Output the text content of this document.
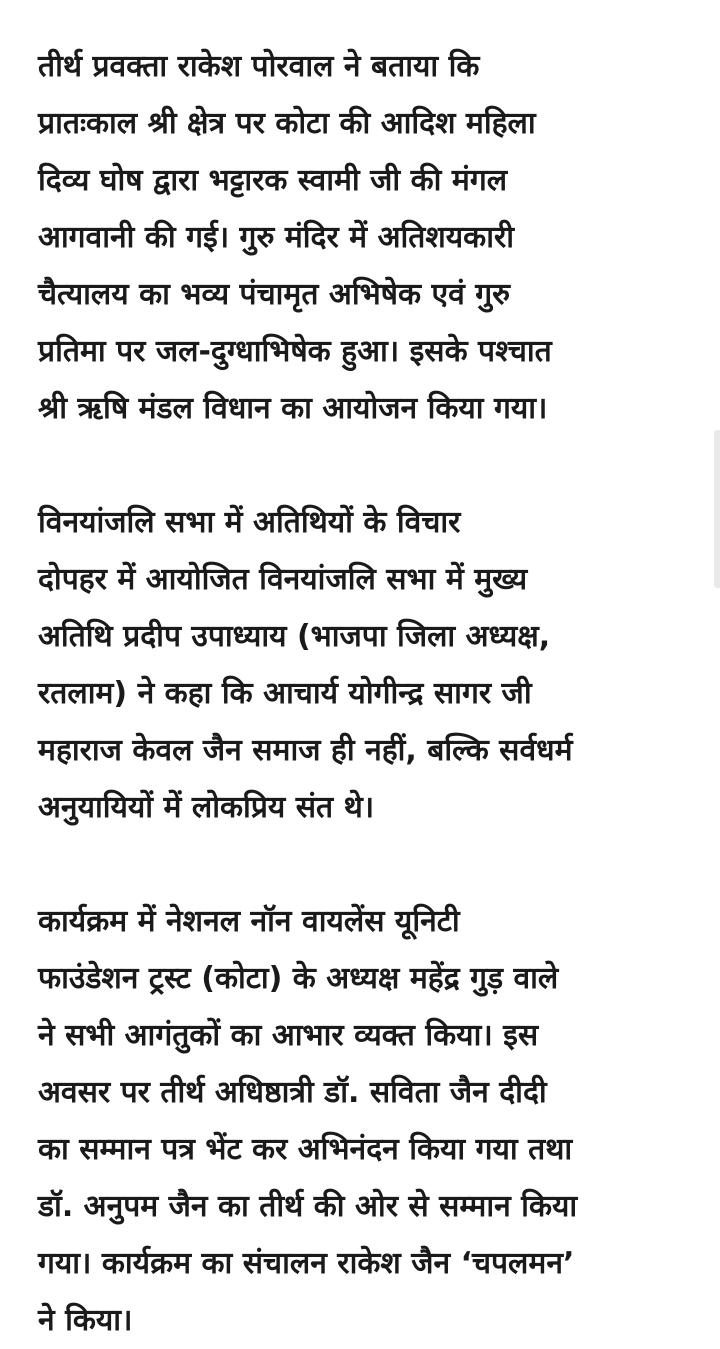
तीर्थ प्रवक्ता राकेश पोरवाल ने बताया कि
प्रातःकाल श्री क्षेत्र पर कोटा की आदिश महिला
दिव्य घोष द्वारा भट्टारक स्वामी जी की मंगल
आगवानी की गई। गुरु मंदिर में अतिशयकारी
चैत्यालय का भव्य पंचामृत अभिषेक एवं गुरु
प्रतिमा पर जल-दुग्धाभिषेक हुआ। इसके पश्चात
श्री ऋषि मंडल विधान का आयोजन किया गया।
विनयांजलि सभा में अतिथियों के विचार
दोपहर में आयोजित विनयांजलि सभा में मुख्य
अतिथि प्रदीप उपाध्याय (भाजपा जिला अध्यक्ष,
रतलाम) ने कहा कि आचार्य योगीन्द्र सागर जी
महाराज केवल जैन समाज ही नहीं, बल्कि सर्वधर्म
अनुयायियों में लोकप्रिय संत थे।
कार्यक्रम में नेशनल नॉन वायलेंस यूनिटी
फाउंडेशन ट्रस्ट (कोटा) के अध्यक्ष महेंद्र गुड़ वाले
ने सभी आगंतुकों का आभार व्यक्त किया। इस
अवसर पर तीर्थ अधिष्ठात्री डॉ. सविता जैन दीदी
का सम्मान पत्र भेंट कर अभिनंदन किया गया तथा
डॉ. अनुपम जैन का तीर्थ की ओर से सम्मान किया
गया। कार्यक्रम का संचालन राकेश जैन ‘चपलमन’
ने किया।
